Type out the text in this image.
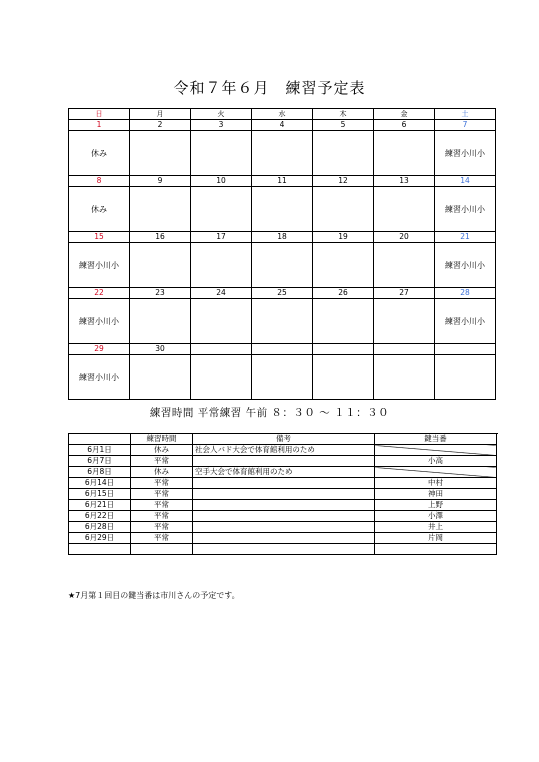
令和７年６月　練習予定表
日	月	火	水	木	金	土
1	2	3	4	5	6	7
休み						練習小川小
8	9	10	11	12	13	14
休み						練習小川小
15	16	17	18	19	20	21
練習小川小						練習小川小
22	23	24	25	26	27	28
練習小川小						練習小川小
29	30					
練習小川小						
練習時間 平常練習 午前 ８：３０ ～ １１：３０
	練習時間	備考	鍵当番	
6月1日	休み	社会人バド大会で体育館利用のため		
6月7日	平常		小高	
6月8日	休み	空手大会で体育館利用のため		
6月14日	平常		中村	
6月15日	平常		神田	
6月21日	平常		上野	
6月22日	平常		小澤	
6月28日	平常		井上	
6月29日	平常		片岡	

★7月第１回目の鍵当番は市川さんの予定です。
